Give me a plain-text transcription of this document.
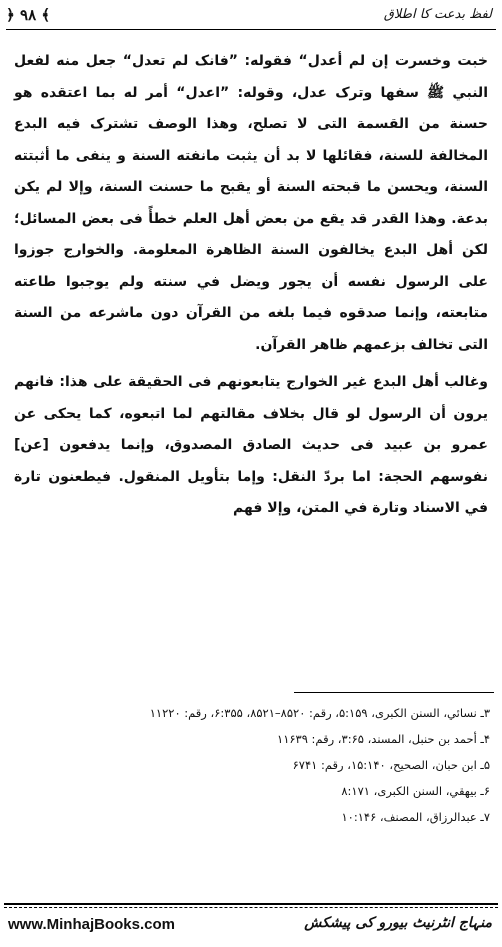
﴿ ۹۸ ﴾	لفظ بدعت کا اطلاق

خبت وخسرت إن لم أعدل“ فقوله: ”فانک لم تعدل“ جعل منه لفعل النبي ﷺ سفها وترک عدل، وقوله: ”اعدل“ أمر له بما اعتقده هو حسنة من القسمة التی لا تصلح، وهذا الوصف تشترک فيه البدع المخالفة للسنة، فقائلها لا بد أن يثبت مانفته السنة و ينفی ما أثبتته السنة، ويحسن ما قبحته السنة أو يقبح ما حسنت السنة، وإلا لم يکن بدعة. وهذا القدر قد يقع من بعض أهل العلم خطأً فی بعض المسائل؛ لکن أهل البدع يخالفون السنة الظاهرة المعلومة. والخوارج جوزوا علی الرسول نفسه أن يجور ويضل في سنته ولم يوجبوا طاعته متابعته، وإنما صدقوه فيما بلغه من القرآن دون ماشرعه من السنة التی تخالف بزعمهم ظاهر القرآن.

وغالب أهل البدع غير الخوارج يتابعونهم فی الحقيقة علی هذا: فانهم يرون أن الرسول لو قال بخلاف مقالتهم لما اتبعوه، کما يحکی عن عمرو بن عبيد فی حديث الصادق المصدوق، وإنما يدفعون [عن] نفوسهم الحجة: اما بردّ النقل: وإما بتأويل المنقول. فيطعنون تارة في الاسناد وتارة في المتن، وإلا فهم

۳ـ نسائي، السنن الکبری، ۵:۱۵۹، رقم: ۸۵۲۰–۸۵۲۱، ۶:۳۵۵، رقم: ۱۱۲۲۰

۴ـ أحمد بن حنبل، المسند، ۳:۶۵، رقم: ۱۱۶۳۹

۵ـ ابن حبان، الصحيح، ۱۵:۱۴۰، رقم: ۶۷۴۱

۶ـ بيهقي، السنن الکبری، ۸:۱۷۱

۷ـ عبدالرزاق، المصنف، ۱۰:۱۴۶

www.MinhajBooks.com	منہاج انٹرنیٹ بیورو کی پیشکش
